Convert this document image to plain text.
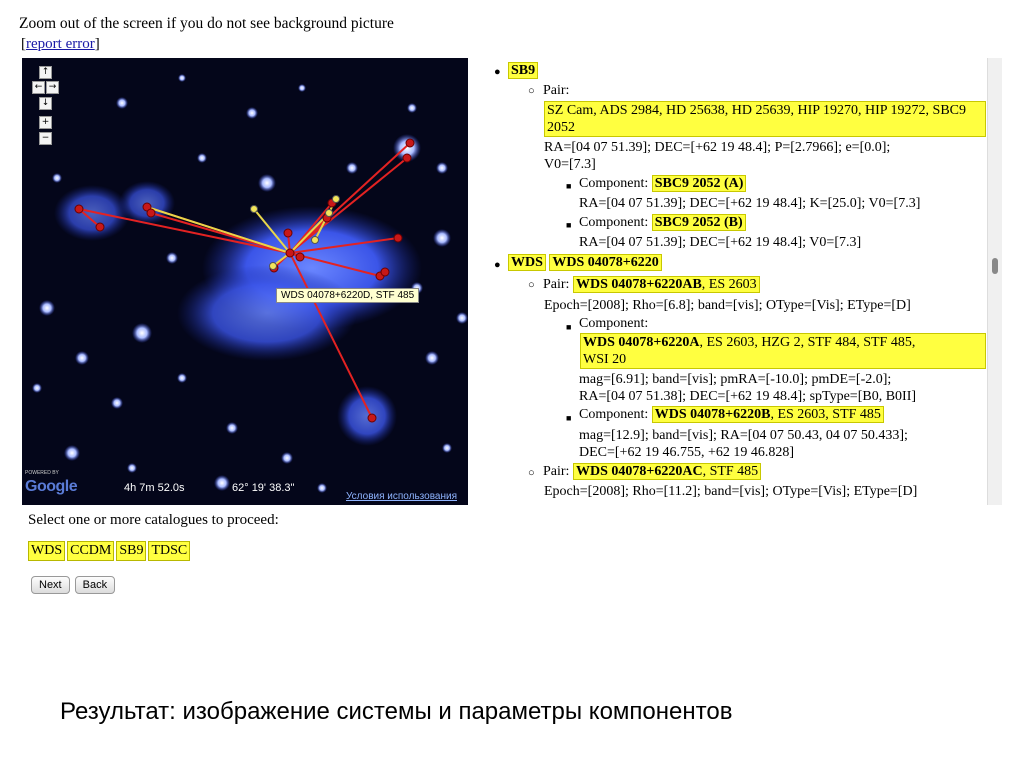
Zoom out of the screen if you do not see background picture
[report error]
↑
← →
↓
+
−
WDS 04078+6220D, STF 485
POWERED BY
Google	4h 7m 52.0s	62° 19' 38.3"
Условия использования
● SB9
○ Pair:
SZ Cam, ADS 2984, HD 25638, HD 25639, HIP 19270, HIP 19272, SBC9 2052
RA=[04 07 51.39]; DEC=[+62 19 48.4]; P=[2.7966]; e=[0.0];
V0=[7.3]
■ Component: SBC9 2052 (A)
RA=[04 07 51.39]; DEC=[+62 19 48.4]; K=[25.0]; V0=[7.3]
■ Component: SBC9 2052 (B)
RA=[04 07 51.39]; DEC=[+62 19 48.4]; V0=[7.3]
● WDS WDS 04078+6220
○ Pair: WDS 04078+6220AB, ES 2603
Epoch=[2008]; Rho=[6.8]; band=[vis]; OType=[Vis]; EType=[D]
■ Component:
WDS 04078+6220A, ES 2603, HZG 2, STF 484, STF 485,
WSI 20
mag=[6.91]; band=[vis]; pmRA=[-10.0]; pmDE=[-2.0];
RA=[04 07 51.38]; DEC=[+62 19 48.4]; spType=[B0, B0II]
■ Component: WDS 04078+6220B, ES 2603, STF 485
mag=[12.9]; band=[vis]; RA=[04 07 50.43, 04 07 50.433];
DEC=[+62 19 46.755, +62 19 46.828]
○ Pair: WDS 04078+6220AC, STF 485
Epoch=[2008]; Rho=[11.2]; band=[vis]; OType=[Vis]; EType=[D]
Select one or more catalogues to proceed:
WDS CCDM SB9 TDSC
Next	Back
Результат: изображение системы и параметры компонентов
